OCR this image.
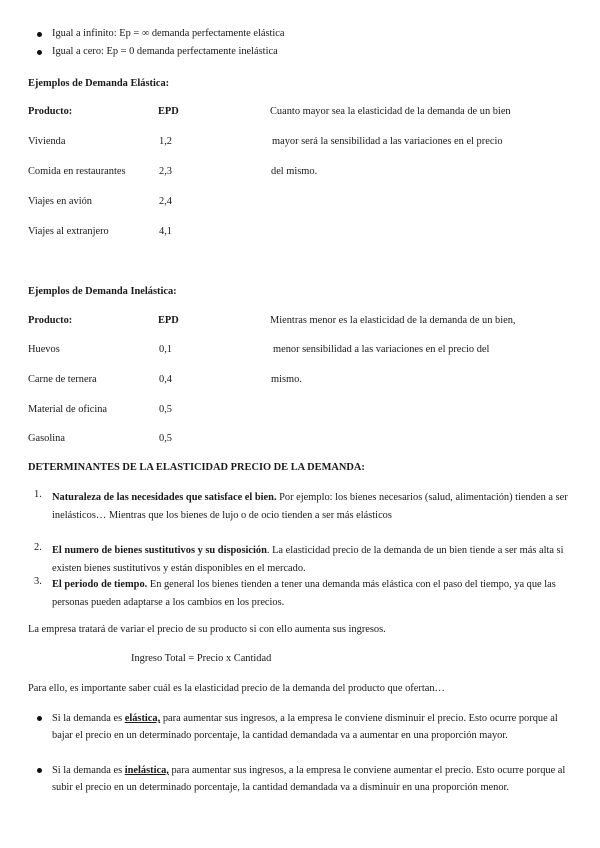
Igual a infinito: Ep = ∞ demanda perfectamente elástica
Igual a cero: Ep = 0 demanda perfectamente inelástica
Ejemplos de Demanda Elástica:
Producto:	EPD	Cuanto mayor sea la elasticidad de la demanda de un bien
Vivienda	1,2	mayor será la sensibilidad a las variaciones en el precio
Comida en restaurantes	2,3	del mismo.
Viajes en avión	2,4
Viajes al extranjero	4,1
Ejemplos de Demanda Inelástica:
Producto:	EPD	Mientras menor es la elasticidad de la demanda de un bien,
Huevos	0,1	menor sensibilidad a las variaciones en el precio del
Carne de ternera	0,4	mismo.
Material de oficina	0,5
Gasolina	0,5
DETERMINANTES DE LA ELASTICIDAD PRECIO DE LA DEMANDA:
1. Naturaleza de las necesidades que satisface el bien. Por ejemplo: los bienes necesarios (salud, alimentación) tienden a ser inelásticos… Mientras que los bienes de lujo o de ocio tienden a ser más elásticos
2. El numero de bienes sustitutivos y su disposición. La elasticidad precio de la demanda de un bien tiende a ser más alta si existen bienes sustitutivos y están disponibles en el mercado.
3. El periodo de tiempo. En general los bienes tienden a tener una demanda más elástica con el paso del tiempo, ya que las personas pueden adaptarse a los cambios en los precios.
La empresa tratará de variar el precio de su producto si con ello aumenta sus ingresos.
Ingreso Total = Precio x Cantidad
Para ello, es importante saber cuál es la elasticidad precio de la demanda del producto que ofertan…
Si la demanda es elástica, para aumentar sus ingresos, a la empresa le conviene disminuir el precio. Esto ocurre porque al bajar el precio en un determinado porcentaje, la cantidad demandada va a aumentar en una proporción mayor.
Si la demanda es inelástica, para aumentar sus ingresos, a la empresa le conviene aumentar el precio. Esto ocurre porque al subir el precio en un determinado porcentaje, la cantidad demandada va a disminuir en una proporción menor.
